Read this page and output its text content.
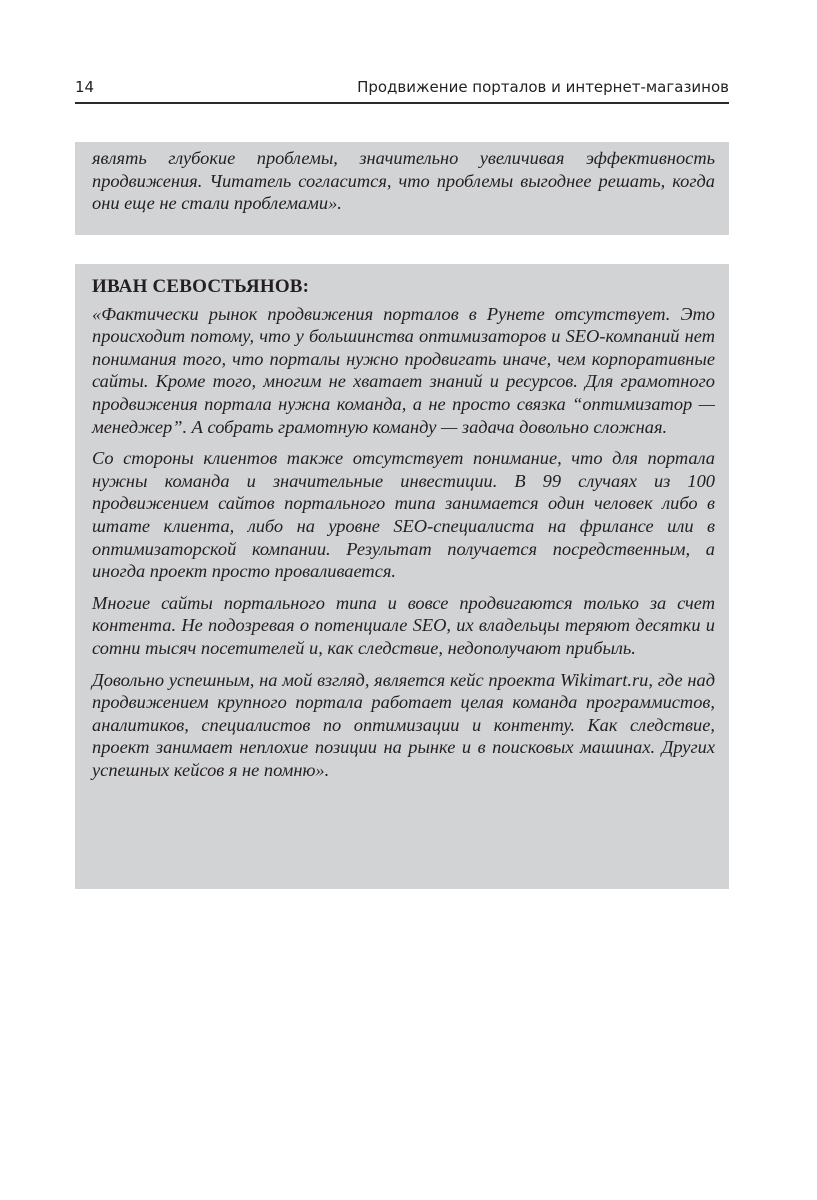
14	Продвижение порталов и интернет-магазинов

являть глубокие проблемы, значительно увеличивая эффективность продвижения. Читатель согласится, что проблемы выгоднее решать, когда они еще не стали проблемами».

ИВАН СЕВОСТЬЯНОВ:

«Фактически рынок продвижения порталов в Рунете отсутствует. Это происходит потому, что у большинства оптимизаторов и SEO-компаний нет понимания того, что порталы нужно продвигать иначе, чем корпоративные сайты. Кроме того, многим не хватает знаний и ресурсов. Для грамотного продвижения портала нужна команда, а не просто связка “оптимизатор — менеджер”. А собрать грамотную команду — задача довольно сложная.

Со стороны клиентов также отсутствует понимание, что для портала нужны команда и значительные инвестиции. В 99 случаях из 100 продвижением сайтов портального типа занимается один человек либо в штате клиента, либо на уровне SEO-специалиста на фрилансе или в оптимизаторской компании. Результат получается посредственным, а иногда проект просто проваливается.

Многие сайты портального типа и вовсе продвигаются только за счет контента. Не подозревая о потенциале SEO, их владельцы теряют десятки и сотни тысяч посетителей и, как следствие, недополучают прибыль.

Довольно успешным, на мой взгляд, является кейс проекта Wikimart.ru, где над продвижением крупного портала работает целая команда программистов, аналитиков, специалистов по оптимизации и контенту. Как следствие, проект занимает неплохие позиции на рынке и в поисковых машинах. Других успешных кейсов я не помню».
